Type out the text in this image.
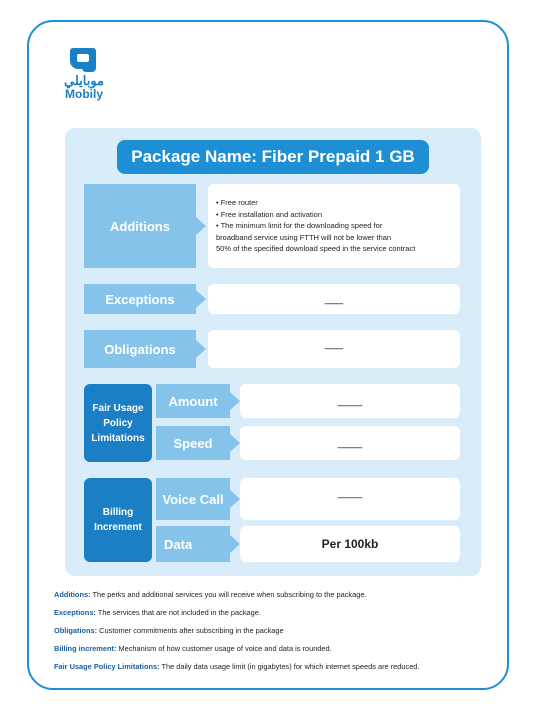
موبايلي
Mobily
Package Name: Fiber Prepaid 1 GB
Additions
• Free router
• Free installation and activation
• The minimum limit for the downloading speed for
broadband service using FTTH will not be lower than
50% of the specified download speed in the service contract
Exceptions	___
Obligations	___
Fair Usage Policy Limitations
Amount	____
Speed	____
Billing Increment
Voice Call	____
Data	Per 100kb

Additions: The perks and additional services you will receive when subscribing to the package.

Exceptions: The services that are not included in the package.

Obligations: Customer commitments after subscribing in the package

Billing increment: Mechanism of how customer usage of voice and data is rounded.

Fair Usage Policy Limitations: The daily data usage limit (in gigabytes) for which internet speeds are reduced.
